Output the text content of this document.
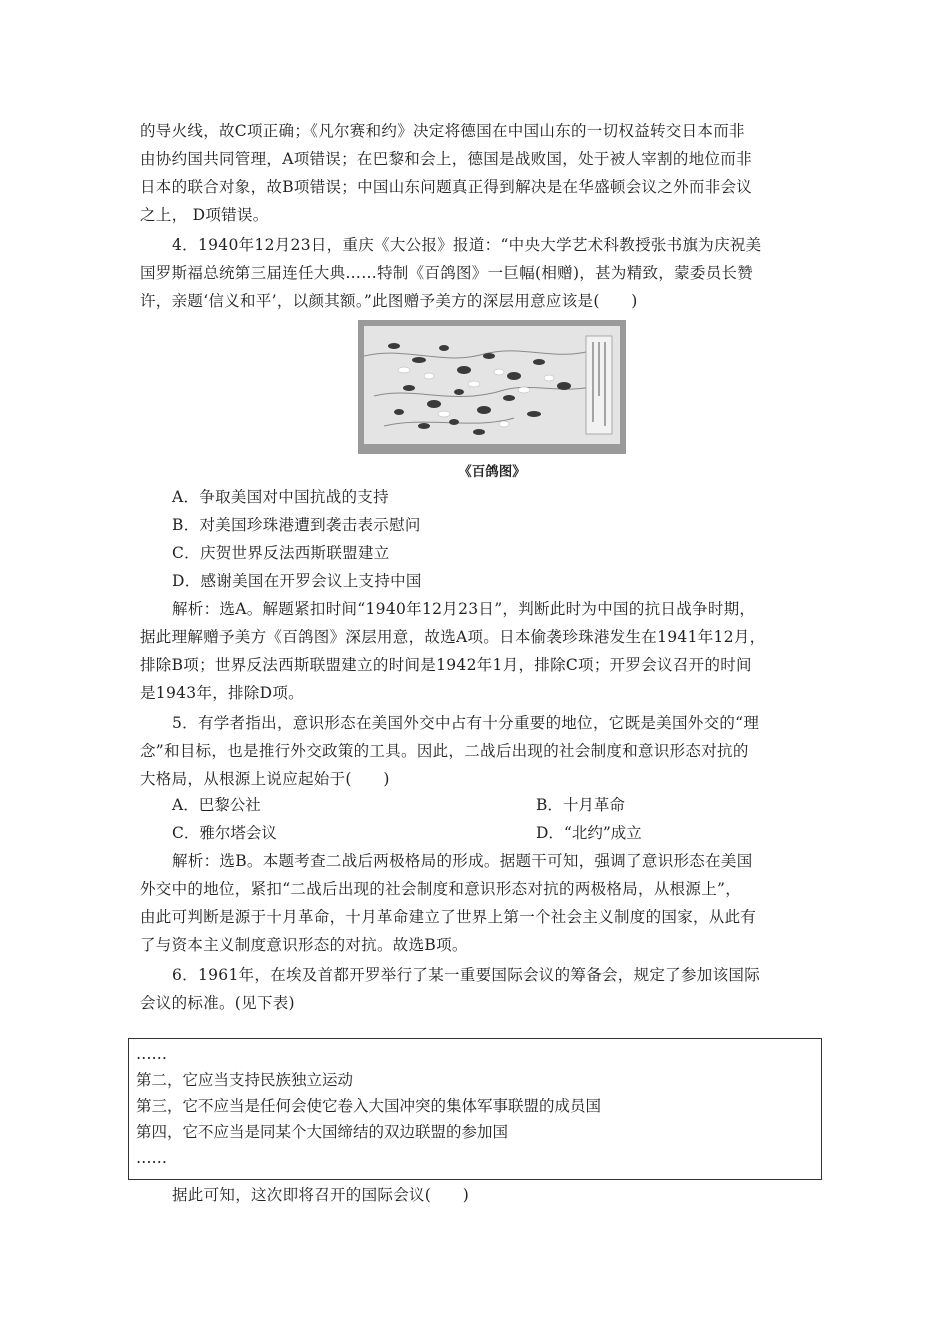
的导火线，故C项正确；《凡尔赛和约》决定将德国在中国山东的一切权益转交日本而非
由协约国共同管理，A项错误；在巴黎和会上，德国是战败国，处于被人宰割的地位而非
日本的联合对象，故B项错误；中国山东问题真正得到解决是在华盛顿会议之外而非会议
之上， D项错误。
4．1940年12月23日，重庆《大公报》报道：“中央大学艺术科教授张书旗为庆祝美
国罗斯福总统第三届连任大典……特制《百鸽图》一巨幅(相赠)，甚为精致，蒙委员长赞
许，亲题‘信义和平’，以颜其额。”此图赠予美方的深层用意应该是(　　)
《百鸽图》
A．争取美国对中国抗战的支持
B．对美国珍珠港遭到袭击表示慰问
C．庆贺世界反法西斯联盟建立
D．感谢美国在开罗会议上支持中国
解析：选A。解题紧扣时间“1940年12月23日”，判断此时为中国的抗日战争时期，
据此理解赠予美方《百鸽图》深层用意，故选A项。日本偷袭珍珠港发生在1941年12月，
排除B项；世界反法西斯联盟建立的时间是1942年1月，排除C项；开罗会议召开的时间
是1943年，排除D项。
5．有学者指出，意识形态在美国外交中占有十分重要的地位，它既是美国外交的“理
念”和目标，也是推行外交政策的工具。因此，二战后出现的社会制度和意识形态对抗的
大格局，从根源上说应起始于(　　)
A．巴黎公社	B．十月革命
C．雅尔塔会议	D．“北约”成立
解析：选B。本题考查二战后两极格局的形成。据题干可知，强调了意识形态在美国
外交中的地位，紧扣“二战后出现的社会制度和意识形态对抗的两极格局，从根源上”，
由此可判断是源于十月革命，十月革命建立了世界上第一个社会主义制度的国家，从此有
了与资本主义制度意识形态的对抗。故选B项。
6．1961年，在埃及首都开罗举行了某一重要国际会议的筹备会，规定了参加该国际
会议的标准。(见下表)
……
第二，它应当支持民族独立运动
第三，它不应当是任何会使它卷入大国冲突的集体军事联盟的成员国
第四，它不应当是同某个大国缔结的双边联盟的参加国
……
据此可知，这次即将召开的国际会议(　　)
